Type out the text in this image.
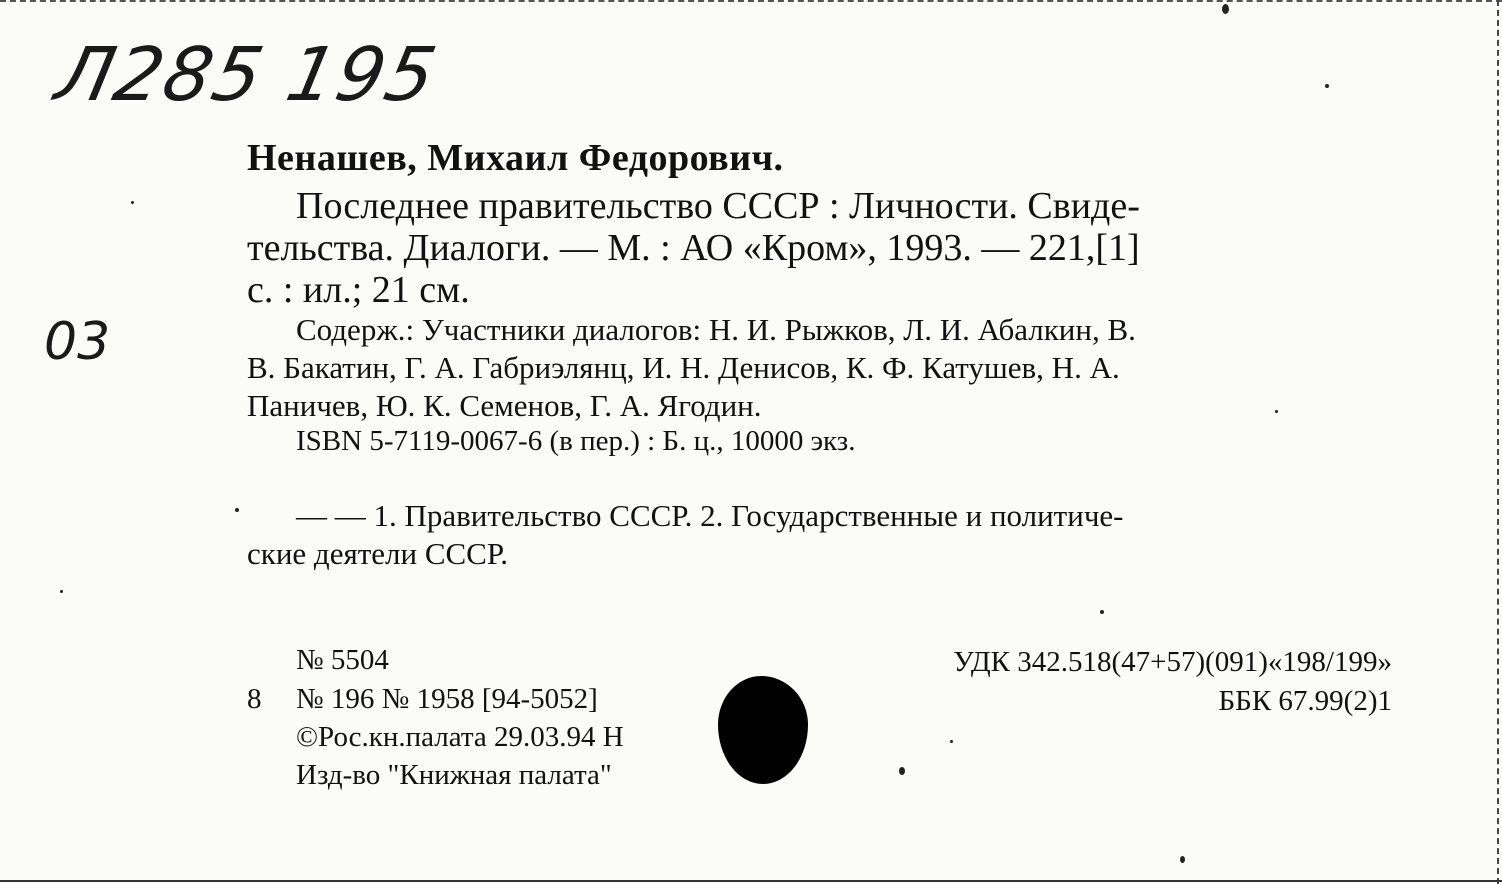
Л285 195
03
Ненашев, Михаил Федорович.
Последнее правительство СССР : Личности. Свиде-
тельства. Диалоги. — М. : АО «Кром», 1993. — 221,[1]
с. : ил.; 21 см.
Содерж.: Участники диалогов: Н. И. Рыжков, Л. И. Абалкин, В.
В. Бакатин, Г. А. Габриэлянц, И. Н. Денисов, К. Ф. Катушев, Н. А.
Паничев, Ю. К. Семенов, Г. А. Ягодин.
ISBN 5-7119-0067-6 (в пер.) : Б. ц., 10000 экз.
— — 1. Правительство СССР. 2. Государственные и политиче-
ские деятели СССР.
№ 5504
8 № 196 № 1958 [94-5052]
©Рос.кн.палата 29.03.94 Н
Изд-во "Книжная палата"
УДК 342.518(47+57)(091)«198/199»
ББК 67.99(2)1
